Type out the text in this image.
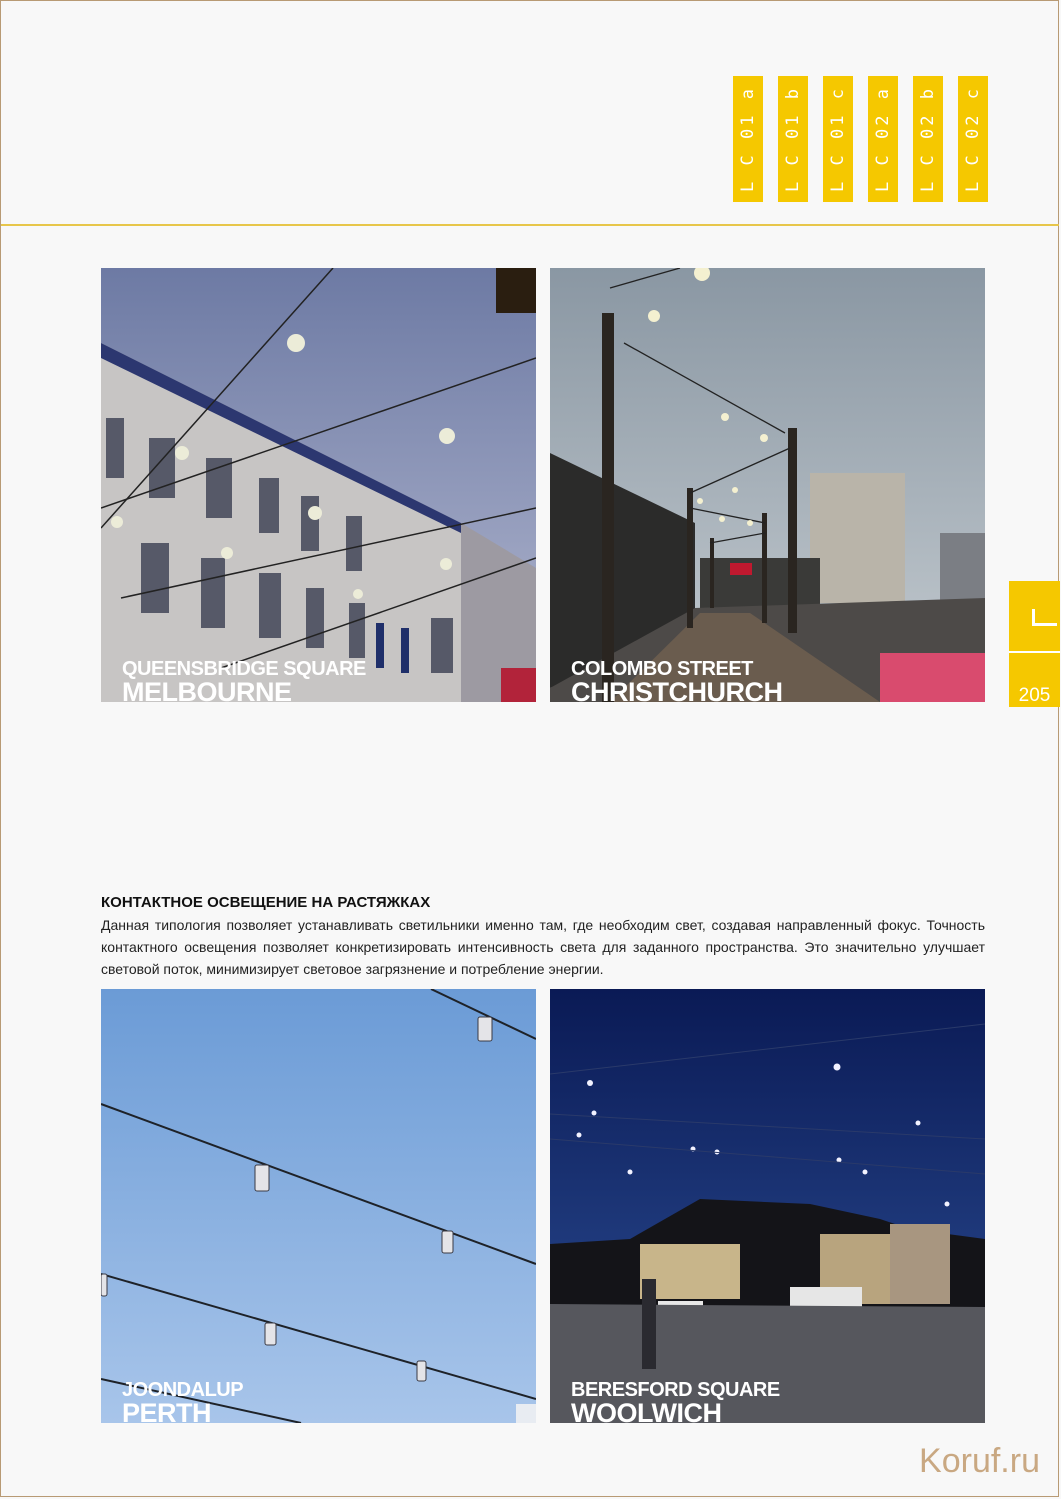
L C 01 a L C 01 b L C 01 c L C 02 a L C 02 b L C 02 c
205
QUEENSBRIDGE SQUARE
MELBOURNE
COLOMBO STREET
CHRISTCHURCH
КОНТАКТНОЕ ОСВЕЩЕНИЕ НА РАСТЯЖКАХ

Данная типология позволяет устанавливать светильники именно там, где необходим свет, создавая направленный фокус. Точность контактного освещения позволяет конкретизировать интенсивность света для заданного пространства. Это значительно улучшает световой поток, минимизирует световое загрязнение и потребление энергии.

JOONDALUP
PERTH
BERESFORD SQUARE
WOOLWICH
Koruf.ru
